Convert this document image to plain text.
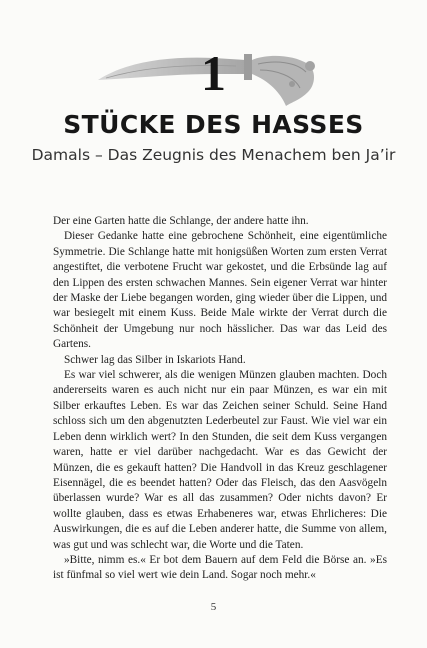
1
STÜCKE DES HASSES
Damals – Das Zeugnis des Menachem ben Ja’ir

Der eine Garten hatte die Schlange, der andere hatte ihn.

Dieser Gedanke hatte eine gebrochene Schönheit, eine eigentümliche Symmetrie. Die Schlange hatte mit honigsüßen Worten zum ersten Verrat angestiftet, die verbotene Frucht war gekostet, und die Erbsünde lag auf den Lippen des ersten schwachen Mannes. Sein eigener Verrat war hinter der Maske der Liebe begangen worden, ging wieder über die Lippen, und war besiegelt mit einem Kuss. Beide Male wirkte der Verrat durch die Schönheit der Umgebung nur noch hässlicher. Das war das Leid des Gartens.

Schwer lag das Silber in Iskariots Hand.

Es war viel schwerer, als die wenigen Münzen glauben machten. Doch andererseits waren es auch nicht nur ein paar Münzen, es war ein mit Silber erkauftes Leben. Es war das Zeichen seiner Schuld. Seine Hand schloss sich um den abgenutzten Lederbeutel zur Faust. Wie viel war ein Leben denn wirklich wert? In den Stunden, die seit dem Kuss vergangen waren, hatte er viel darüber nachgedacht. War es das Gewicht der Münzen, die es gekauft hatten? Die Handvoll in das Kreuz geschlagener Eisennägel, die es beendet hatten? Oder das Fleisch, das den Aasvögeln überlassen wurde? War es all das zusammen? Oder nichts davon? Er wollte glauben, dass es etwas Erhabeneres war, etwas Ehrlicheres: Die Auswirkungen, die es auf die Leben anderer hatte, die Summe von allem, was gut und was schlecht war, die Worte und die Taten.

»Bitte, nimm es.« Er bot dem Bauern auf dem Feld die Börse an. »Es ist fünfmal so viel wert wie dein Land. Sogar noch mehr.«

5
